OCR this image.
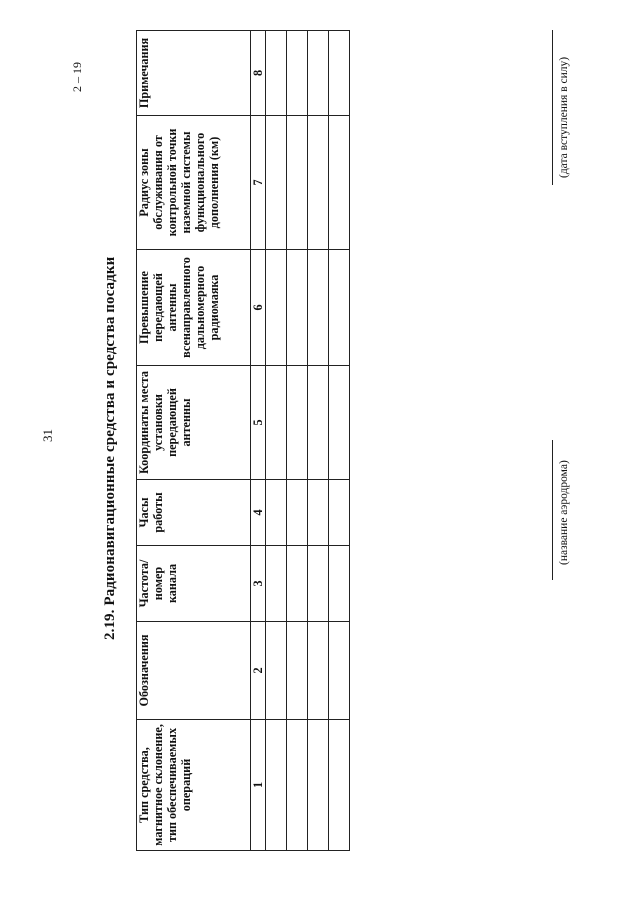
31
2 – 19
2.19. Радионавигационные средства и средства посадки
Тип средства, магнитное склонение, тип обеспечиваемых операций	Обозначения	Частота/ номер канала	Часы работы	Координаты места установки передающей антенны	Превышение передающей антенны всенаправленного дальномерного радиомаяка	Радиус зоны обслуживания от контрольной точки наземной системы функционального дополнения (км)	Примечания
1	2	3	4	5	6	7	8

(название аэродрома)
(дата вступления в силу)
